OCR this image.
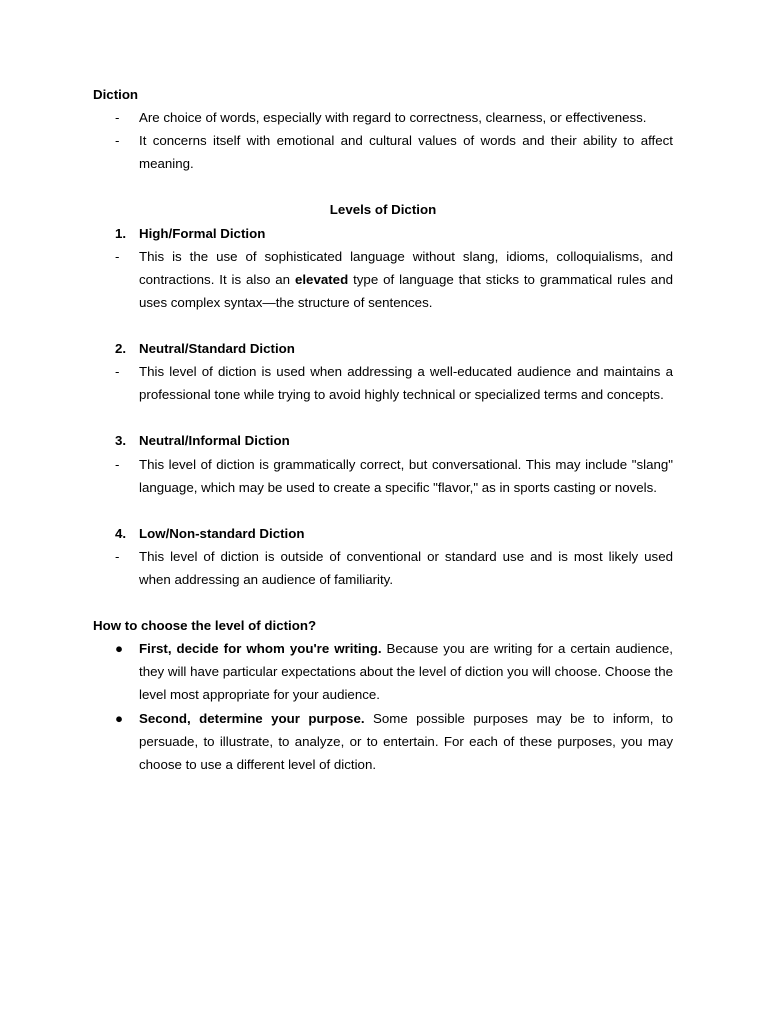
Diction

- Are choice of words, especially with regard to correctness, clearness, or effectiveness.
- It concerns itself with emotional and cultural values of words and their ability to affect meaning.

Levels of Diction

1. High/Formal Diction
- This is the use of sophisticated language without slang, idioms, colloquialisms, and contractions. It is also an elevated type of language that sticks to grammatical rules and uses complex syntax—the structure of sentences.
2. Neutral/Standard Diction
- This level of diction is used when addressing a well-educated audience and maintains a professional tone while trying to avoid highly technical or specialized terms and concepts.
3. Neutral/Informal Diction
- This level of diction is grammatically correct, but conversational. This may include "slang" language, which may be used to create a specific "flavor," as in sports casting or novels.
4. Low/Non-standard Diction
- This level of diction is outside of conventional or standard use and is most likely used when addressing an audience of familiarity.

How to choose the level of diction?

● First, decide for whom you're writing. Because you are writing for a certain audience, they will have particular expectations about the level of diction you will choose. Choose the level most appropriate for your audience.
● Second, determine your purpose. Some possible purposes may be to inform, to persuade, to illustrate, to analyze, or to entertain. For each of these purposes, you may choose to use a different level of diction.
